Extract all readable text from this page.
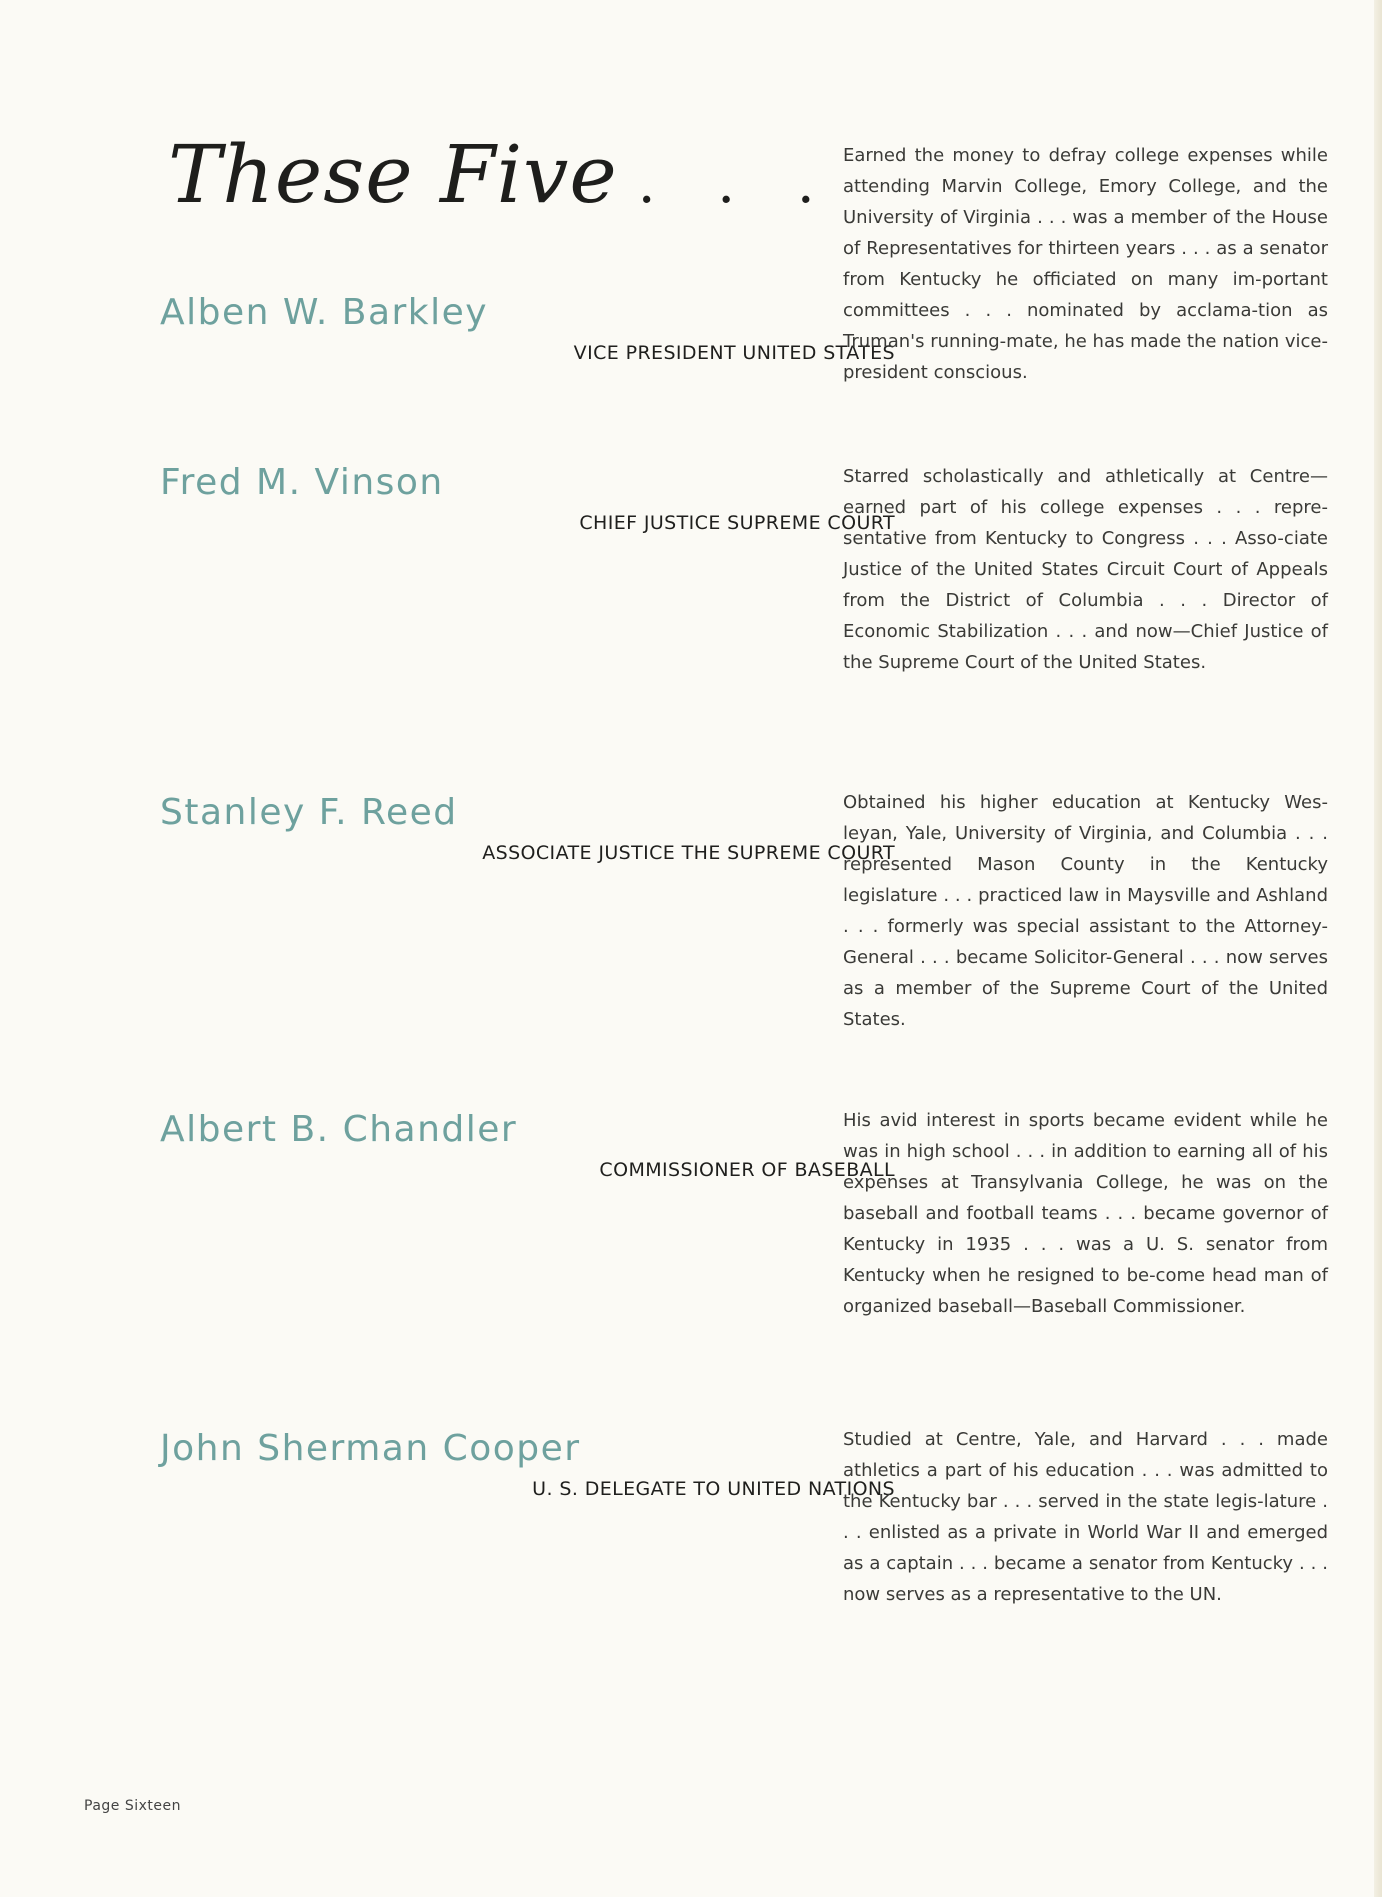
These Five . . .
Alben W. Barkley
VICE PRESIDENT UNITED STATES

Earned the money to defray college expenses while attending Marvin College, Emory College, and the University of Virginia . . . was a member of the House of Representatives for thirteen years . . . as a senator from Kentucky he officiated on many im-portant committees . . . nominated by acclama-tion as Truman's running-mate, he has made the nation vice-president conscious.

Fred M. Vinson
CHIEF JUSTICE SUPREME COURT

Starred scholastically and athletically at Centre—earned part of his college expenses . . . repre-sentative from Kentucky to Congress . . . Asso-ciate Justice of the United States Circuit Court of Appeals from the District of Columbia . . . Director of Economic Stabilization . . . and now—Chief Justice of the Supreme Court of the United States.

Stanley F. Reed
ASSOCIATE JUSTICE THE SUPREME COURT

Obtained his higher education at Kentucky Wes-leyan, Yale, University of Virginia, and Columbia . . . represented Mason County in the Kentucky legislature . . . practiced law in Maysville and Ashland . . . formerly was special assistant to the Attorney-General . . . became Solicitor-General . . . now serves as a member of the Supreme Court of the United States.

Albert B. Chandler
COMMISSIONER OF BASEBALL

His avid interest in sports became evident while he was in high school . . . in addition to earning all of his expenses at Transylvania College, he was on the baseball and football teams . . . became governor of Kentucky in 1935 . . . was a U. S. senator from Kentucky when he resigned to be-come head man of organized baseball—Baseball Commissioner.

John Sherman Cooper
U. S. DELEGATE TO UNITED NATIONS

Studied at Centre, Yale, and Harvard . . . made athletics a part of his education . . . was admitted to the Kentucky bar . . . served in the state legis-lature . . . enlisted as a private in World War II and emerged as a captain . . . became a senator from Kentucky . . . now serves as a representative to the UN.

Page Sixteen
